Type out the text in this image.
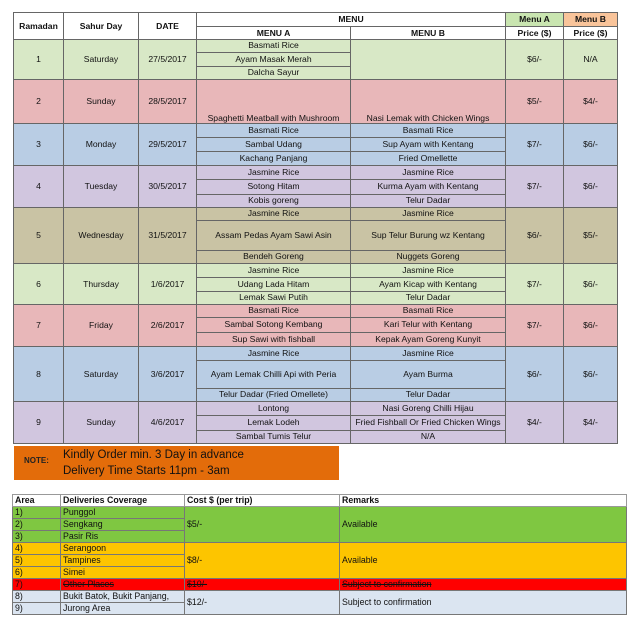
Ramadan	Sahur Day	DATE	MENU		Menu A	Menu B
			MENU A	MENU B	Price ($)	Price ($)
1	Saturday	27/5/2017	Basmati Rice		$6/-	N/A
			Ayam Masak Merah			
			Dalcha Sayur			
2	Sunday	28/5/2017	Spaghetti Meatball with Mushroom	Nasi Lemak with Chicken Wings	$5/-	$4/-
3	Monday	29/5/2017	Basmati Rice	Basmati Rice	$7/-	$6/-
			Sambal Udang	Sup Ayam with Kentang		
			Kachang Panjang	Fried Omellette		
4	Tuesday	30/5/2017	Jasmine Rice	Jasmine Rice	$7/-	$6/-
			Sotong Hitam	Kurma Ayam with Kentang		
			Kobis goreng	Telur Dadar		
5	Wednesday	31/5/2017	Jasmine Rice	Jasmine Rice	$6/-	$5/-
			Assam Pedas Ayam Sawi Asin	Sup Telur Burung wz Kentang		
			Bendeh Goreng	Nuggets Goreng		
6	Thursday	1/6/2017	Jasmine Rice	Jasmine Rice	$7/-	$6/-
			Udang Lada Hitam	Ayam Kicap with Kentang		
			Lemak Sawi Putih	Telur Dadar		
7	Friday	2/6/2017	Basmati Rice	Basmati Rice	$7/-	$6/-
			Sambal Sotong Kembang	Kari Telur with Kentang		
			Sup Sawi with fishball	Kepak Ayam Goreng Kunyit		
8	Saturday	3/6/2017	Jasmine Rice	Jasmine Rice	$6/-	$6/-
			Ayam Lemak Chilli Api with Peria	Ayam Burma		
			Telur Dadar (Fried Omellete)	Telur Dadar		
9	Sunday	4/6/2017	Lontong	Nasi Goreng Chilli Hijau	$4/-	$4/-
			Lemak Lodeh	Fried Fishball Or Fried Chicken Wings		

			Sambal Tumis Telur	N/A		
NOTE: Kindly Order min. 3 Day in advance
Delivery Time Starts 11pm - 3am
Area	Deliveries Coverage	Cost $ (per trip)	Remarks
1)	Punggol	$5/-	Available
2)	Sengkang		
3)	Pasir Ris		
4)	Serangoon	$8/-	Available
5)	Tampines		
6)	Simei		
7)	Other Places	$10/-	Subject to confirmation
8)	Bukit Batok, Bukit Panjang,	$12/-	Subject to confirmation
9)	Jurong Area		
